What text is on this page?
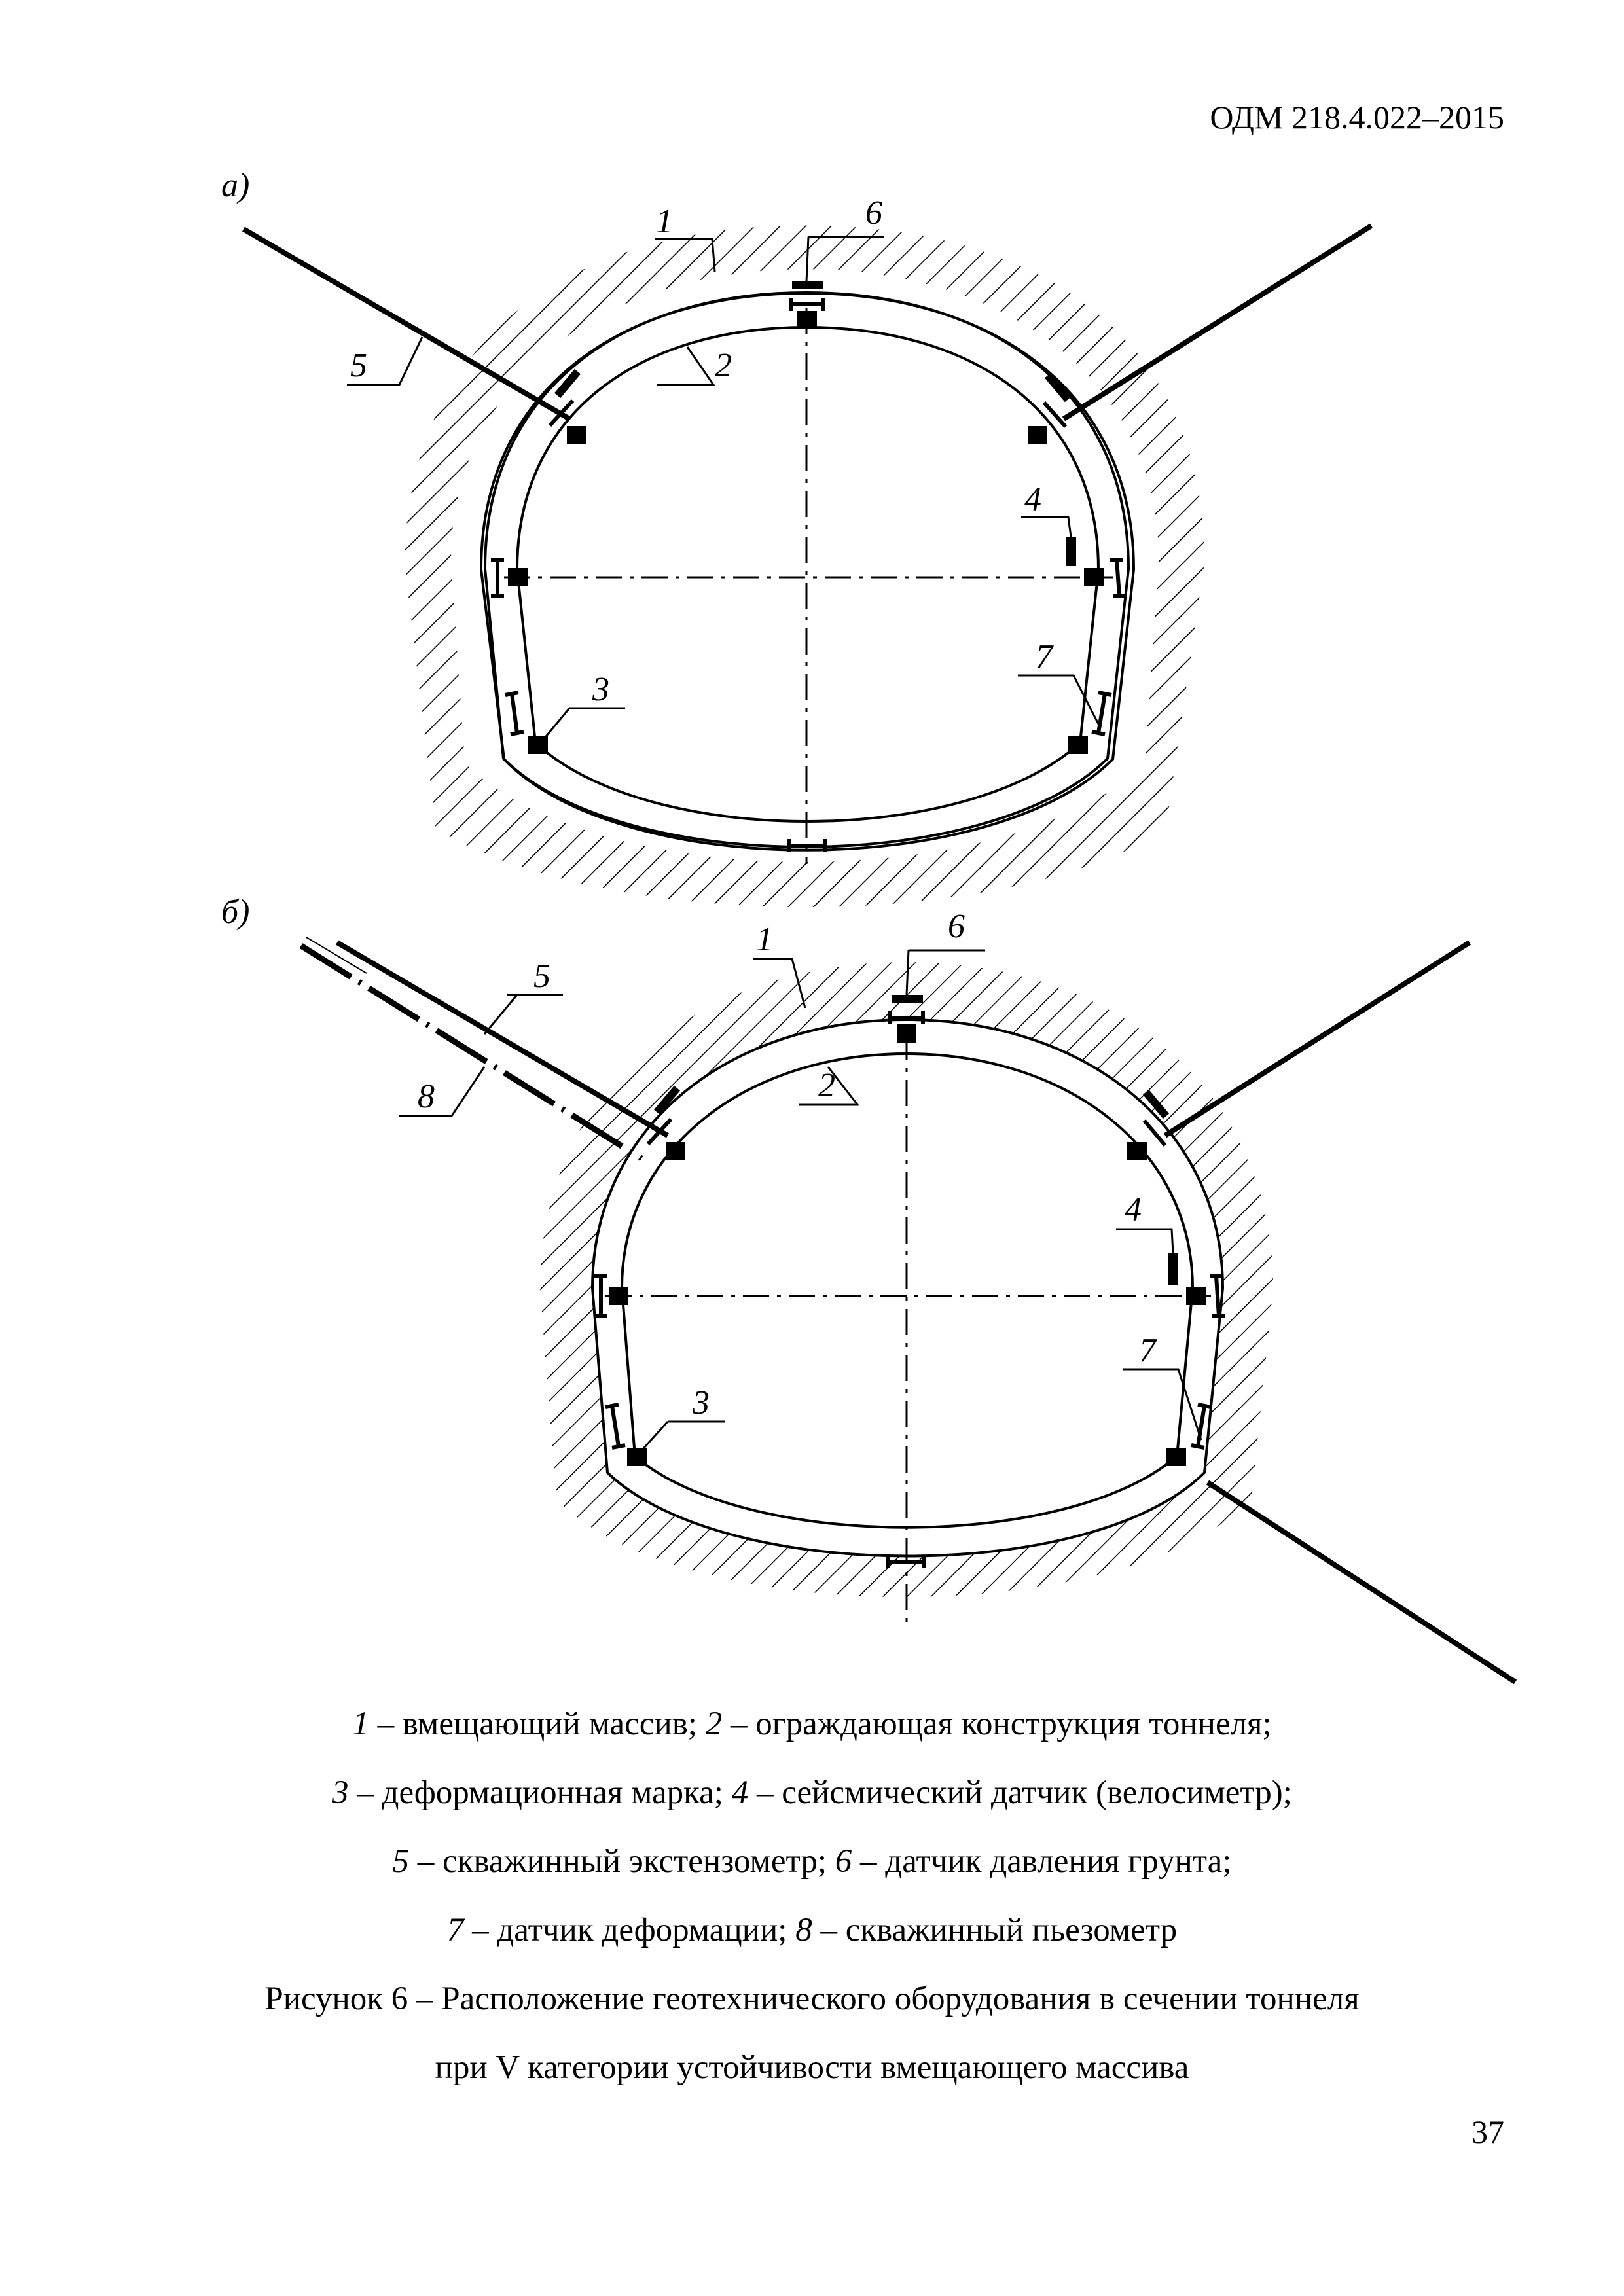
ОДМ 218.4.022–2015
а)
1	6
2
5
4
7
3
б)
1	6
2
5
8
4
7
3
1 – вмещающий массив; 2 – ограждающая конструкция тоннеля;
3 – деформационная марка; 4 – сейсмический датчик (велосиметр);
5 – скважинный экстензометр; 6 – датчик давления грунта;
7 – датчик деформации; 8 – скважинный пьезометр
Рисунок 6 – Расположение геотехнического оборудования в сечении тоннеля
при V категории устойчивости вмещающего массива
37
